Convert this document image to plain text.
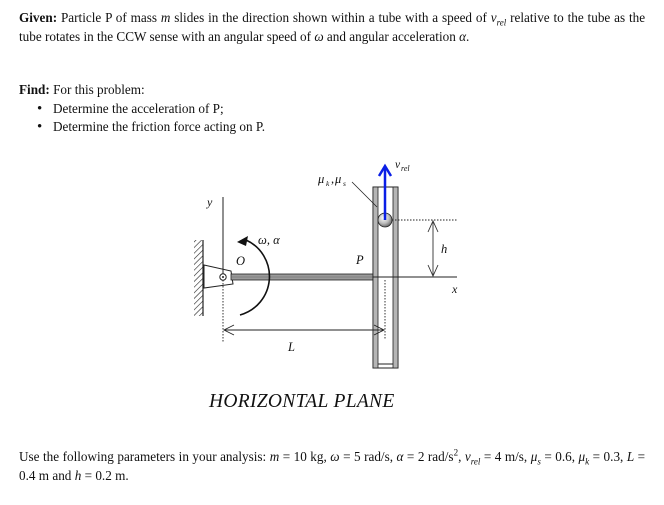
Given: Particle P of mass m slides in the direction shown within a tube with a speed of $v_{rel}$ relative to the tube as the tube rotates in the CCW sense with an angular speed of ω and angular acceleration α.
Find: For this problem:
• Determine the acceleration of P;
• Determine the friction force acting on P.
y
x
O
ω, α
P
L
h
μ k , μ s
v rel
HORIZONTAL PLANE
Use the following parameters in your analysis: m = 10 kg, ω = 5 rad/s, α = 2 rad/$s^2$, $v_{rel} = 4$ m/s, $\mu_s = 0.6$, $\mu_k = 0.3$, L = 0.4 m and h = 0.2 m.
